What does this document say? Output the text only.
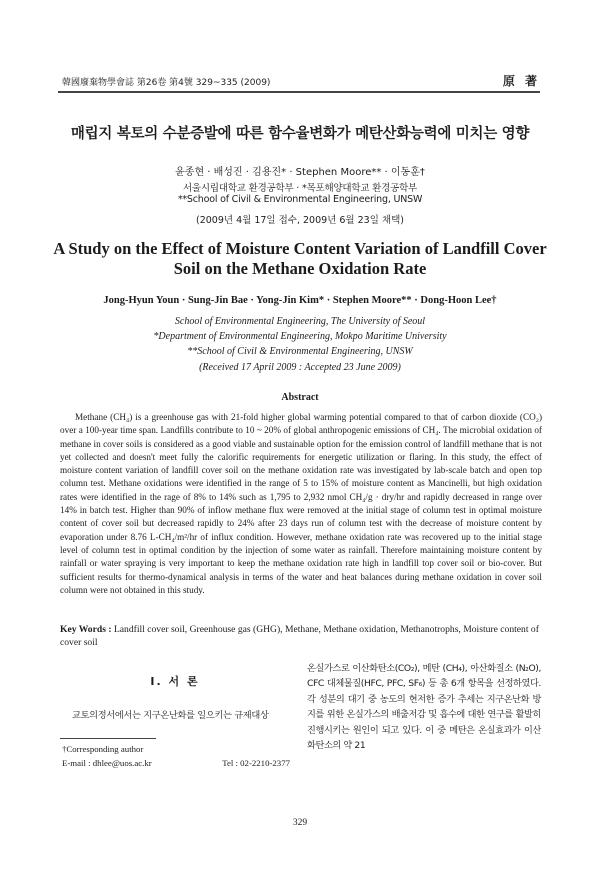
韓國廢棄物學會誌 第26卷 第4號 329~335 (2009)	原 著
매립지 복토의 수분증발에 따른 함수율변화가 메탄산화능력에 미치는 영향
윤종현 · 배성진 · 김용진* · Stephen Moore** · 이동훈†
서울시립대학교 환경공학부 · *목포해양대학교 환경공학부
**School of Civil & Environmental Engineering, UNSW
(2009년 4월 17일 접수, 2009년 6월 23일 채택)
A Study on the Effect of Moisture Content Variation of Landfill Cover Soil on the Methane Oxidation Rate
Jong-Hyun Youn · Sung-Jin Bae · Yong-Jin Kim* · Stephen Moore** · Dong-Hoon Lee†
School of Environmental Engineering, The University of Seoul
*Department of Environmental Engineering, Mokpo Maritime University
**School of Civil & Environmental Engineering, UNSW
(Received 17 April 2009 : Accepted 23 June 2009)
Abstract
Methane (CH₄) is a greenhouse gas with 21-fold higher global warming potential compared to that of carbon dioxide (CO₂) over a 100-year time span. Landfills contribute to 10 ~ 20% of global anthropogenic emissions of CH₄. The microbial oxidation of methane in cover soils is considered as a good viable and sustainable option for the emission control of landfill methane that is not yet collected and doesn't meet fully the calorific requirements for energetic utilization or flaring. In this study, the effect of moisture content variation of landfill cover soil on the methane oxidation rate was investigated by lab-scale batch and open top column test. Methane oxidations were identified in the range of 5 to 15% of moisture content as Mancinelli, but high oxidation rates were identified in the rage of 8% to 14% such as 1,795 to 2,932 nmol CH₄/g · dry/hr and rapidly decreased in range over 14% in batch test. Higher than 90% of inflow methane flux were removed at the initial stage of column test in optimal moisture content of cover soil but decreased rapidly to 24% after 23 days run of column test with the decrease of moisture content by evaporation under 8.76 L-CH₄/m²/hr of influx condition. However, methane oxidation rate was recovered up to the initial stage level of column test in optimal condition by the injection of some water as rainfall. Therefore maintaining moisture content by rainfall or water spraying is very important to keep the methane oxidation rate high in landfill top cover soil or bio-cover. But sufficient results for thermo-dynamical analysis in terms of the water and heat balances during methane oxidation in cover soil column were not obtained in this study.
Key Words : Landfill cover soil, Greenhouse gas (GHG), Methane, Methane oxidation, Methanotrophs, Moisture content of cover soil
I. 서 론
교토의정서에서는 지구온난화를 일으키는 규제대상
†Corresponding author
E-mail : dhlee@uos.ac.kr	Tel : 02-2210-2377
온실가스로 이산화탄소(CO₂), 메탄 (CH₄), 아산화질소 (N₂O), CFC 대체물질(HFC, PFC, SF₆) 등 총 6개 항목을 선정하였다. 각 성분의 대기 중 농도의 현저한 증가 추세는 지구온난화 방지를 위한 온실가스의 배출저감 및 흡수에 대한 연구를 활발히 진행시키는 원인이 되고 있다. 이 중 메탄은 온실효과가 이산화탄소의 약 21
329
